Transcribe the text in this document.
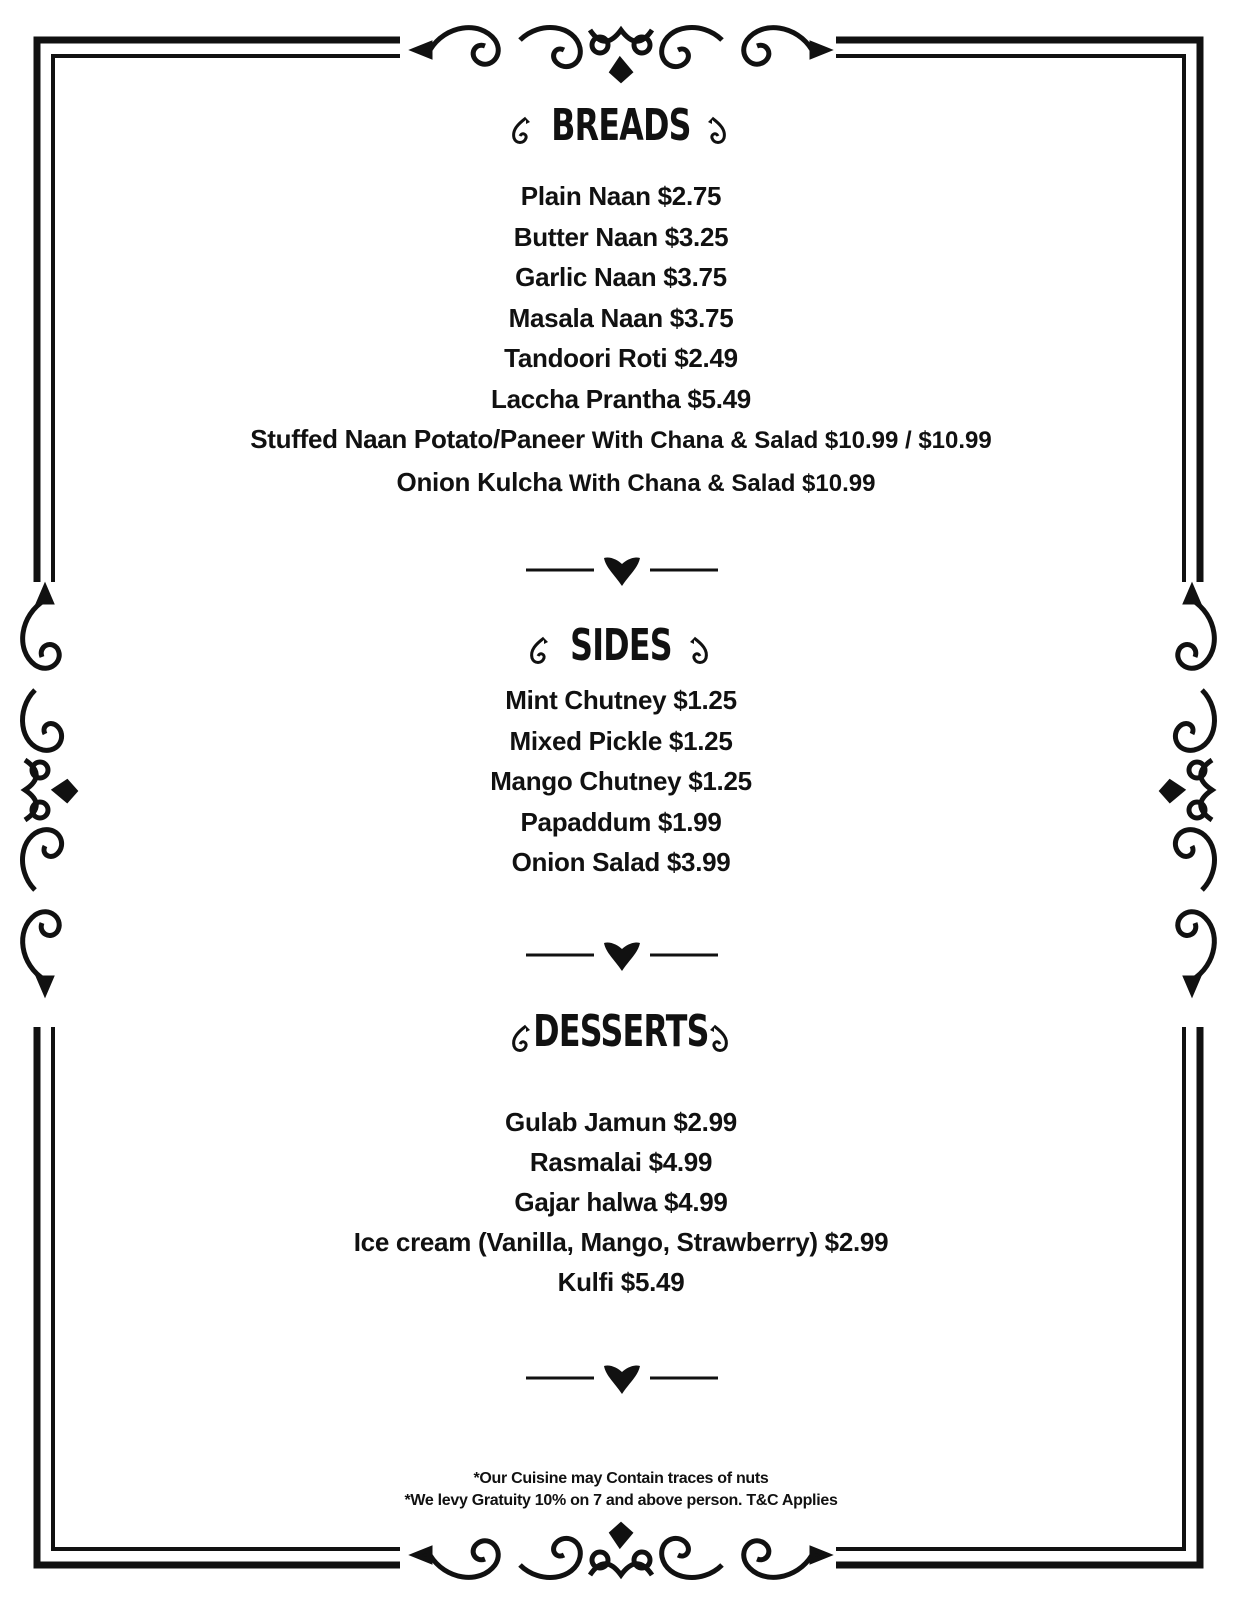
BREADS

Plain Naan $2.75

Butter Naan $3.25

Garlic Naan $3.75

Masala Naan $3.75

Tandoori Roti $2.49

Laccha Prantha $5.49

Stuffed Naan Potato/Paneer With Chana & Salad $10.99 / $10.99

Onion Kulcha With Chana & Salad $10.99

SIDES

Mint Chutney $1.25

Mixed Pickle $1.25

Mango Chutney $1.25

Papaddum $1.99

Onion Salad $3.99

DESSERTS

Gulab Jamun $2.99

Rasmalai $4.99

Gajar halwa $4.99

Ice cream (Vanilla, Mango, Strawberry) $2.99

Kulfi $5.49

*Our Cuisine may Contain traces of nuts

*We levy Gratuity 10% on 7 and above person. T&C Applies
